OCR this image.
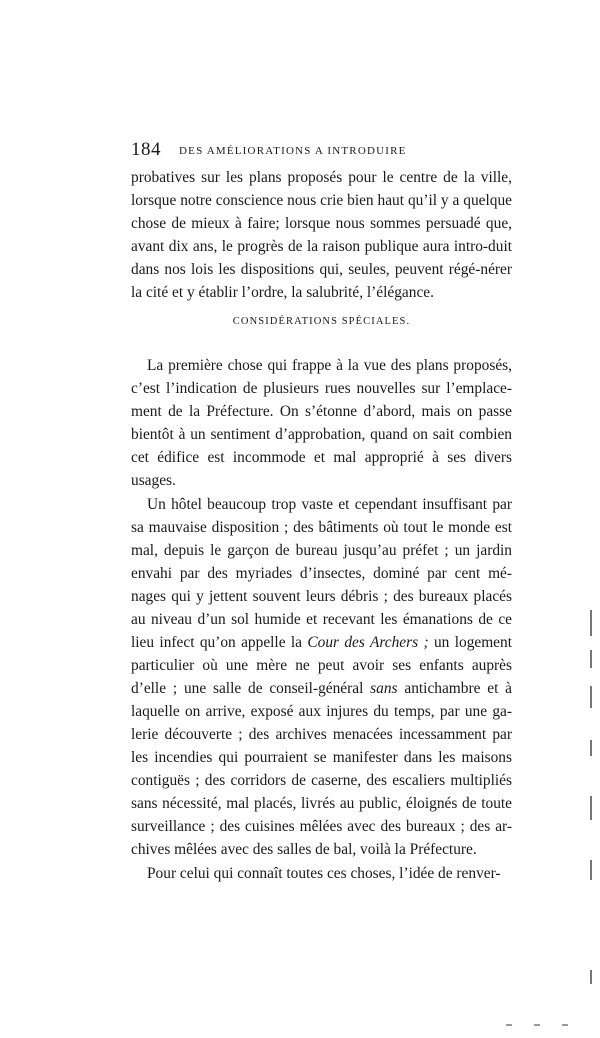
184 DES AMÉLIORATIONS A INTRODUIRE

probatives sur les plans proposés pour le centre de la ville, lorsque notre conscience nous crie bien haut qu’il y a quelque chose de mieux à faire; lorsque nous sommes persuadé que, avant dix ans, le progrès de la raison publique aura intro-duit dans nos lois les dispositions qui, seules, peuvent régé-nérer la cité et y établir l’ordre, la salubrité, l’élégance.

CONSIDÉRATIONS SPÉCIALES.

La première chose qui frappe à la vue des plans proposés, c’est l’indication de plusieurs rues nouvelles sur l’emplace-ment de la Préfecture. On s’étonne d’abord, mais on passe bientôt à un sentiment d’approbation, quand on sait combien cet édifice est incommode et mal approprié à ses divers usages.

Un hôtel beaucoup trop vaste et cependant insuffisant par sa mauvaise disposition ; des bâtiments où tout le monde est mal, depuis le garçon de bureau jusqu’au préfet ; un jardin envahi par des myriades d’insectes, dominé par cent mé-nages qui y jettent souvent leurs débris ; des bureaux placés au niveau d’un sol humide et recevant les émanations de ce lieu infect qu’on appelle la Cour des Archers ; un logement particulier où une mère ne peut avoir ses enfants auprès d’elle ; une salle de conseil-général sans antichambre et à laquelle on arrive, exposé aux injures du temps, par une ga-lerie découverte ; des archives menacées incessamment par les incendies qui pourraient se manifester dans les maisons contiguës ; des corridors de caserne, des escaliers multipliés sans nécessité, mal placés, livrés au public, éloignés de toute surveillance ; des cuisines mêlées avec des bureaux ; des ar-chives mêlées avec des salles de bal, voilà la Préfecture.

Pour celui qui connaît toutes ces choses, l’idée de renver-
